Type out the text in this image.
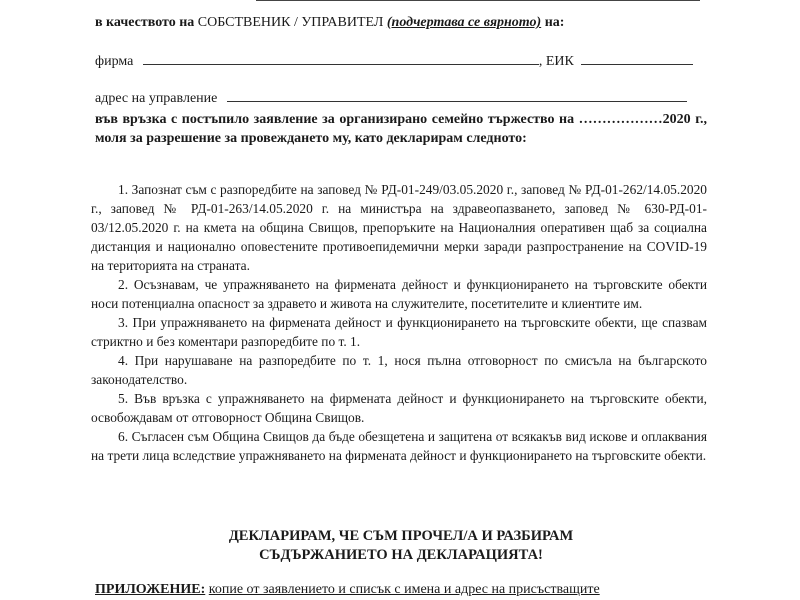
в качеството на СОБСТВЕНИК / УПРАВИТЕЛ (подчертава се вярното) на:
фирма	, ЕИК
адрес на управление
във връзка с постъпило заявление за организирано семейно тържество на ………………2020 г., моля за разрешение за провеждането му, като декларирам следното:

1. Запознат съм с разпоредбите на заповед № РД-01-249/03.05.2020 г., заповед № РД-01-262/14.05.2020 г., заповед № РД-01-263/14.05.2020 г. на министъра на здравеопазването, заповед № 630-РД-01-03/12.05.2020 г. на кмета на община Свищов, препоръките на Националния оперативен щаб за социална дистанция и национално оповестените противоепидемични мерки заради разпространение на COVID-19 на територията на страната.

2. Осъзнавам, че упражняването на фирмената дейност и функционирането на търговските обекти носи потенциална опасност за здравето и живота на служителите, посетителите и клиентите им.

3. При упражняването на фирмената дейност и функционирането на търговските обекти, ще спазвам стриктно и без коментари разпоредбите по т. 1.

4. При нарушаване на разпоредбите по т. 1, нося пълна отговорност по смисъла на българското законодателство.

5. Във връзка с упражняването на фирмената дейност и функционирането на търговските обекти, освобождавам от отговорност Община Свищов.

6. Съгласен съм Община Свищов да бъде обезщетена и защитена от всякакъв вид искове и оплаквания на трети лица вследствие упражняването на фирмената дейност и функционирането на търговските обекти.

ДЕКЛАРИРАМ, ЧЕ СЪМ ПРОЧЕЛ/А И РАЗБИРАМ
СЪДЪРЖАНИЕТО НА ДЕКЛАРАЦИЯТА!
ПРИЛОЖЕНИЕ: копие от заявлението и списък с имена и адрес на присъстващите
